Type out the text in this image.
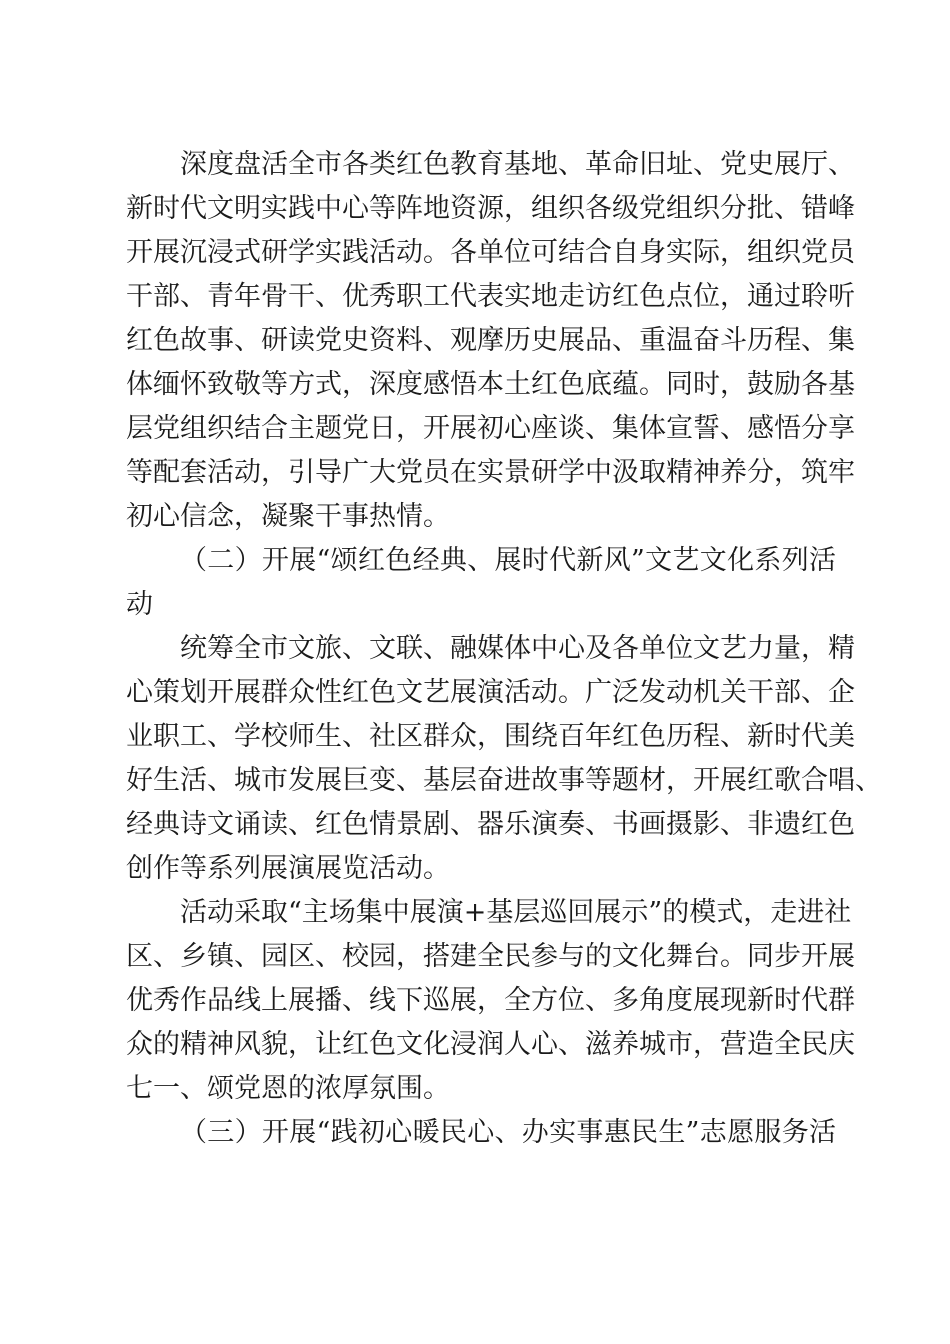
深度盘活全市各类红色教育基地、革命旧址、党史展厅、
新时代文明实践中心等阵地资源，组织各级党组织分批、错峰
开展沉浸式研学实践活动。各单位可结合自身实际，组织党员
干部、青年骨干、优秀职工代表实地走访红色点位，通过聆听
红色故事、研读党史资料、观摩历史展品、重温奋斗历程、集
体缅怀致敬等方式，深度感悟本土红色底蕴。同时，鼓励各基
层党组织结合主题党日，开展初心座谈、集体宣誓、感悟分享
等配套活动，引导广大党员在实景研学中汲取精神养分，筑牢
初心信念，凝聚干事热情。
（二）开展“颂红色经典、展时代新风”文艺文化系列活
动
统筹全市文旅、文联、融媒体中心及各单位文艺力量，精
心策划开展群众性红色文艺展演活动。广泛发动机关干部、企
业职工、学校师生、社区群众，围绕百年红色历程、新时代美
好生活、城市发展巨变、基层奋进故事等题材，开展红歌合唱、
经典诗文诵读、红色情景剧、器乐演奏、书画摄影、非遗红色
创作等系列展演展览活动。
活动采取“主场集中展演+基层巡回展示”的模式，走进社
区、乡镇、园区、校园，搭建全民参与的文化舞台。同步开展
优秀作品线上展播、线下巡展，全方位、多角度展现新时代群
众的精神风貌，让红色文化浸润人心、滋养城市，营造全民庆
七一、颂党恩的浓厚氛围。
（三）开展“践初心暖民心、办实事惠民生”志愿服务活
